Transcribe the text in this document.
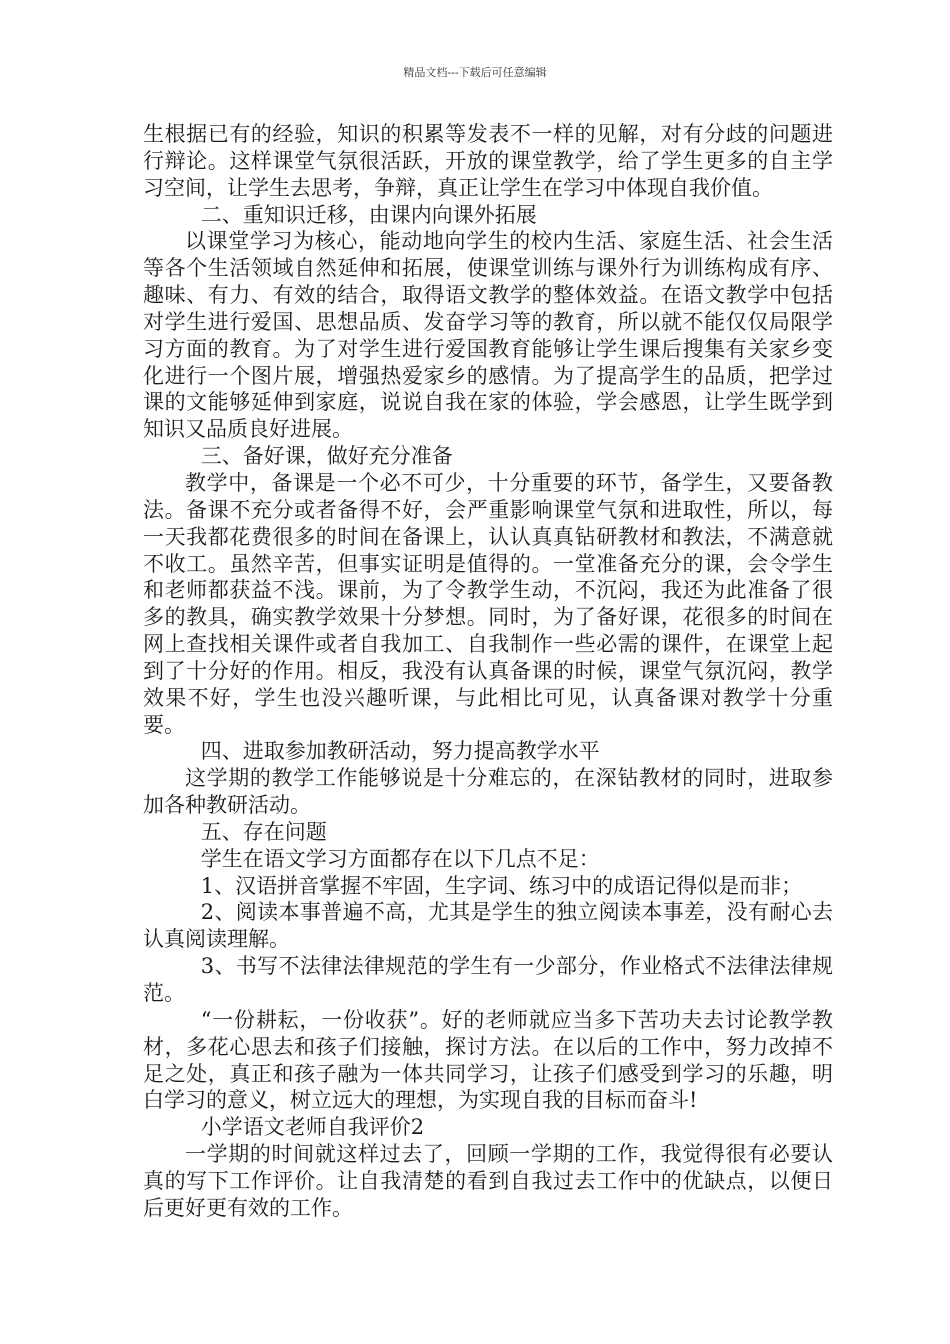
精品文档---下载后可任意编辑

生根据已有的经验，知识的积累等发表不一样的见解，对有分歧的问题进行辩论。这样课堂气氛很活跃，开放的课堂教学，给了学生更多的自主学习空间，让学生去思考，争辩，真正让学生在学习中体现自我价值。

二、重知识迁移，由课内向课外拓展

以课堂学习为核心，能动地向学生的校内生活、家庭生活、社会生活等各个生活领域自然延伸和拓展，使课堂训练与课外行为训练构成有序、趣味、有力、有效的结合，取得语文教学的整体效益。在语文教学中包括对学生进行爱国、思想品质、发奋学习等的教育，所以就不能仅仅局限学习方面的教育。为了对学生进行爱国教育能够让学生课后搜集有关家乡变化进行一个图片展，增强热爱家乡的感情。为了提高学生的品质，把学过课的文能够延伸到家庭，说说自我在家的体验，学会感恩，让学生既学到知识又品质良好进展。

三、备好课，做好充分准备

教学中，备课是一个必不可少，十分重要的环节，备学生，又要备教法。备课不充分或者备得不好，会严重影响课堂气氛和进取性，所以，每一天我都花费很多的时间在备课上，认认真真钻研教材和教法，不满意就不收工。虽然辛苦，但事实证明是值得的。一堂准备充分的课，会令学生和老师都获益不浅。课前，为了令教学生动，不沉闷，我还为此准备了很多的教具，确实教学效果十分梦想。同时，为了备好课，花很多的时间在网上查找相关课件或者自我加工、自我制作一些必需的课件，在课堂上起到了十分好的作用。相反，我没有认真备课的时候，课堂气氛沉闷，教学效果不好，学生也没兴趣听课，与此相比可见，认真备课对教学十分重要。

四、进取参加教研活动，努力提高教学水平

这学期的教学工作能够说是十分难忘的，在深钻教材的同时，进取参加各种教研活动。

五、存在问题

学生在语文学习方面都存在以下几点不足：

1、汉语拼音掌握不牢固，生字词、练习中的成语记得似是而非；

2、阅读本事普遍不高，尤其是学生的独立阅读本事差，没有耐心去认真阅读理解。

3、书写不法律法律规范的学生有一少部分，作业格式不法律法律规范。

“一份耕耘，一份收获”。好的老师就应当多下苦功夫去讨论教学教材，多花心思去和孩子们接触，探讨方法。在以后的工作中，努力改掉不足之处，真正和孩子融为一体共同学习，让孩子们感受到学习的乐趣，明白学习的意义，树立远大的理想，为实现自我的目标而奋斗!

小学语文老师自我评价2

一学期的时间就这样过去了，回顾一学期的工作，我觉得很有必要认真的写下工作评价。让自我清楚的看到自我过去工作中的优缺点，以便日后更好更有效的工作。
